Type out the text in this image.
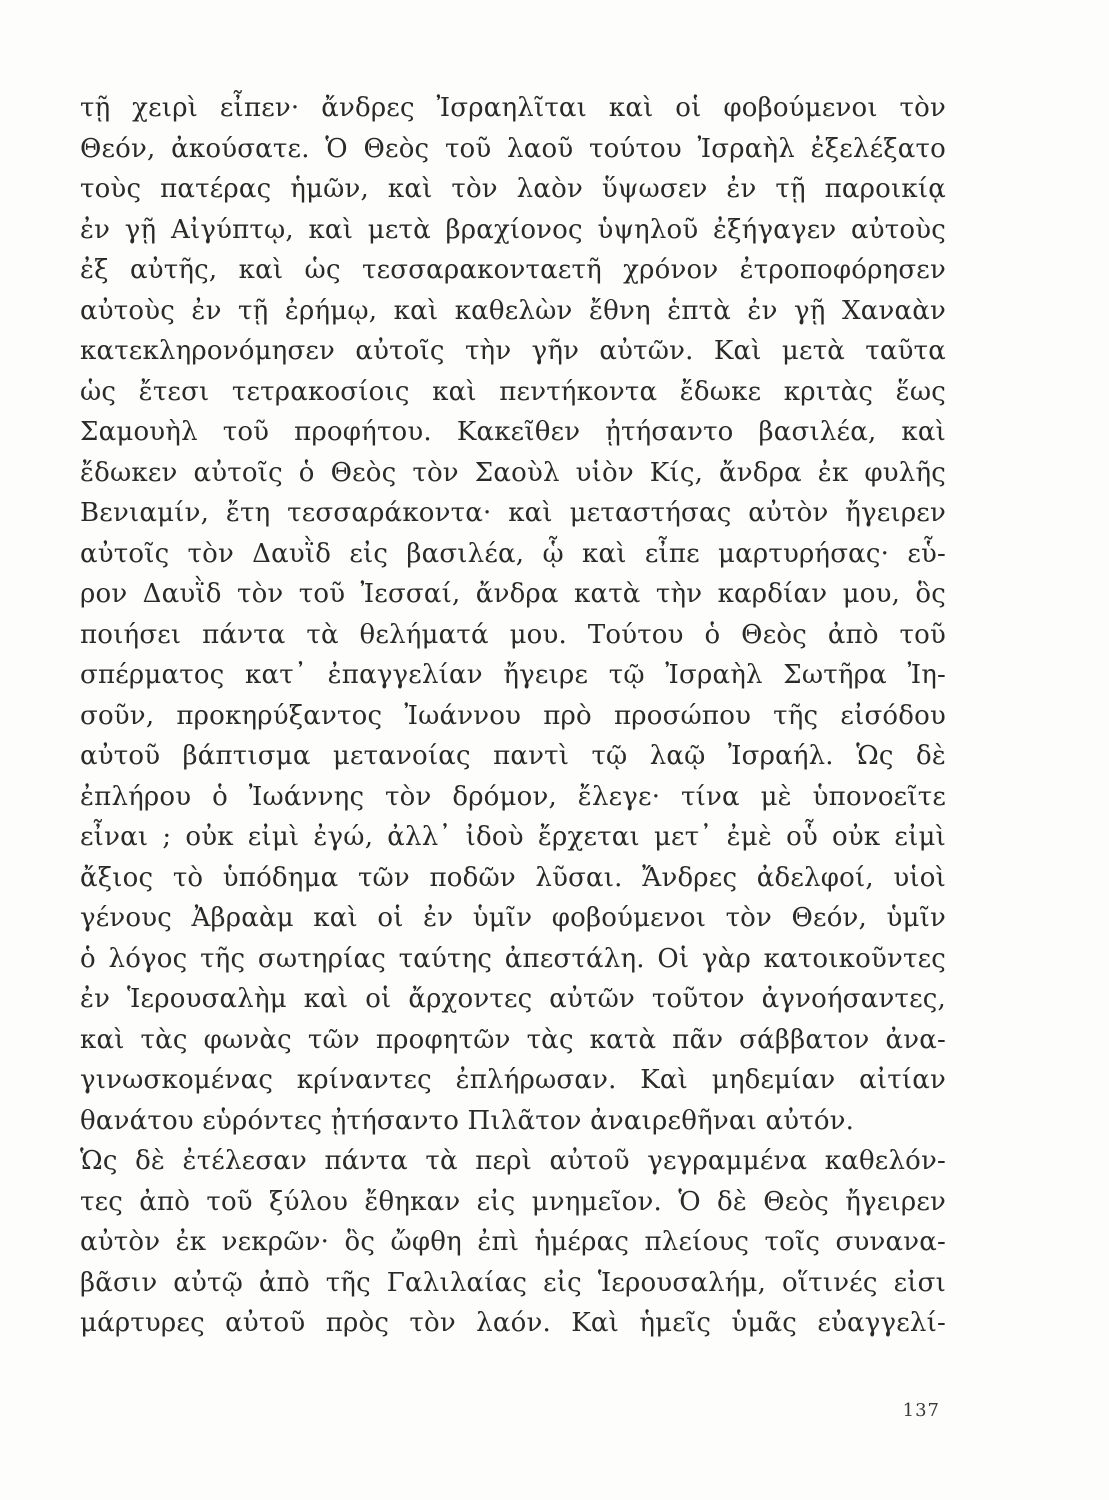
τῇ χειρὶ εἶπεν· ἄνδρες Ἰσραηλῖται καὶ οἱ φοβούμενοι τὸν
Θεόν, ἀκούσατε. Ὁ Θεὸς τοῦ λαοῦ τούτου Ἰσραὴλ ἐξελέξατο
τοὺς πατέρας ἡμῶν, καὶ τὸν λαὸν ὕψωσεν ἐν τῇ παροικίᾳ
ἐν γῇ Αἰγύπτῳ, καὶ μετὰ βραχίονος ὑψηλοῦ ἐξήγαγεν αὐτοὺς
ἐξ αὐτῆς, καὶ ὡς τεσσαρακονταετῆ χρόνον ἐτροποφόρησεν
αὐτοὺς ἐν τῇ ἐρήμῳ, καὶ καθελὼν ἔθνη ἑπτὰ ἐν γῇ Χαναὰν
κατεκληρονόμησεν αὐτοῖς τὴν γῆν αὐτῶν. Καὶ μετὰ ταῦτα
ὡς ἔτεσι τετρακοσίοις καὶ πεντήκοντα ἔδωκε κριτὰς ἕως
Σαμουὴλ τοῦ προφήτου. Κακεῖθεν ᾐτήσαντο βασιλέα, καὶ
ἔδωκεν αὐτοῖς ὁ Θεὸς τὸν Σαοὺλ υἱὸν Κίς, ἄνδρα ἐκ φυλῆς
Βενιαμίν, ἔτη τεσσαράκοντα· καὶ μεταστήσας αὐτὸν ἤγειρεν
αὐτοῖς τὸν Δαυῒδ εἰς βασιλέα, ᾧ καὶ εἶπε μαρτυρήσας· εὗ-
ρον Δαυῒδ τὸν τοῦ Ἰεσσαί, ἄνδρα κατὰ τὴν καρδίαν μου, ὃς
ποιήσει πάντα τὰ θελήματά μου. Τούτου ὁ Θεὸς ἀπὸ τοῦ
σπέρματος κατ᾽ ἐπαγγελίαν ἤγειρε τῷ Ἰσραὴλ Σωτῆρα Ἰη-
σοῦν, προκηρύξαντος Ἰωάννου πρὸ προσώπου τῆς εἰσόδου
αὐτοῦ βάπτισμα μετανοίας παντὶ τῷ λαῷ Ἰσραήλ. Ὡς δὲ
ἐπλήρου ὁ Ἰωάννης τὸν δρόμον, ἔλεγε· τίνα μὲ ὑπονοεῖτε
εἶναι ; οὐκ εἰμὶ ἐγώ, ἀλλ᾽ ἰδοὺ ἔρχεται μετ᾽ ἐμὲ οὗ οὐκ εἰμὶ
ἄξιος τὸ ὑπόδημα τῶν ποδῶν λῦσαι. Ἄνδρες ἀδελφοί, υἱοὶ
γένους Ἀβραὰμ καὶ οἱ ἐν ὑμῖν φοβούμενοι τὸν Θεόν, ὑμῖν
ὁ λόγος τῆς σωτηρίας ταύτης ἀπεστάλη. Οἱ γὰρ κατοικοῦντες
ἐν Ἱερουσαλὴμ καὶ οἱ ἄρχοντες αὐτῶν τοῦτον ἀγνοήσαντες,
καὶ τὰς φωνὰς τῶν προφητῶν τὰς κατὰ πᾶν σάββατον ἀνα-
γινωσκομένας κρίναντες ἐπλήρωσαν. Καὶ μηδεμίαν αἰτίαν
θανάτου εὑρόντες ᾐτήσαντο Πιλᾶτον ἀναιρεθῆναι αὐτόν.
Ὡς δὲ ἐτέλεσαν πάντα τὰ περὶ αὐτοῦ γεγραμμένα καθελόν-
τες ἀπὸ τοῦ ξύλου ἔθηκαν εἰς μνημεῖον. Ὁ δὲ Θεὸς ἤγειρεν
αὐτὸν ἐκ νεκρῶν· ὃς ὤφθη ἐπὶ ἡμέρας πλείους τοῖς συνανα-
βᾶσιν αὐτῷ ἀπὸ τῆς Γαλιλαίας εἰς Ἱερουσαλήμ, οἵτινές εἰσι
μάρτυρες αὐτοῦ πρὸς τὸν λαόν. Καὶ ἡμεῖς ὑμᾶς εὐαγγελί-
137
